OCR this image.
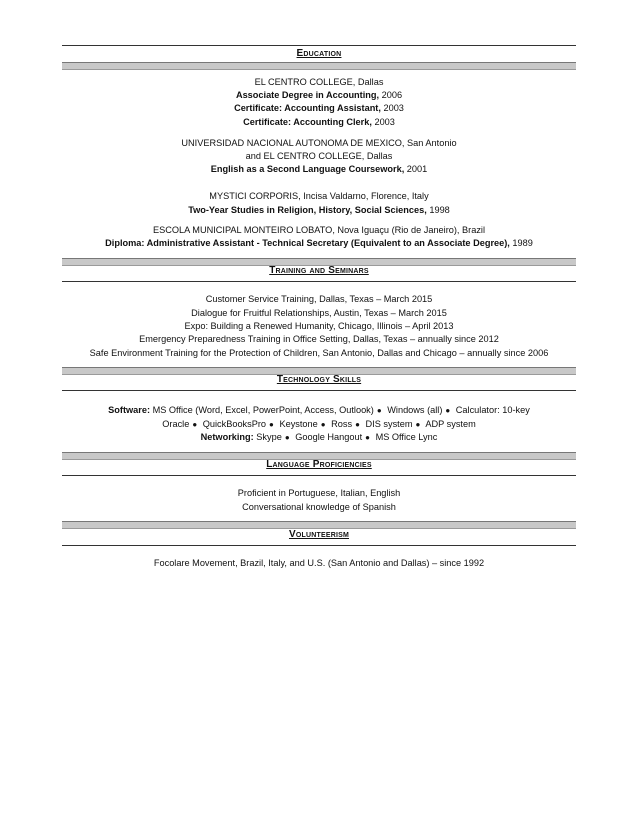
Education
EL CENTRO COLLEGE, Dallas
Associate Degree in Accounting, 2006
Certificate: Accounting Assistant, 2003
Certificate: Accounting Clerk, 2003
UNIVERSIDAD NACIONAL AUTONOMA DE MEXICO, San Antonio
and EL CENTRO COLLEGE, Dallas
English as a Second Language Coursework, 2001
MYSTICI CORPORIS, Incisa Valdarno, Florence, Italy
Two-Year Studies in Religion, History, Social Sciences, 1998
ESCOLA MUNICIPAL MONTEIRO LOBATO, Nova Iguaçu (Rio de Janeiro), Brazil
Diploma: Administrative Assistant - Technical Secretary (Equivalent to an Associate Degree), 1989
Training and Seminars
Customer Service Training, Dallas, Texas – March 2015
Dialogue for Fruitful Relationships, Austin, Texas – March 2015
Expo: Building a Renewed Humanity, Chicago, Illinois – April 2013
Emergency Preparedness Training in Office Setting, Dallas, Texas – annually since 2012
Safe Environment Training for the Protection of Children, San Antonio, Dallas and Chicago – annually since 2006
Technology Skills
Software: MS Office (Word, Excel, PowerPoint, Access, Outlook) ● Windows (all) ● Calculator: 10-key
Oracle ● QuickBooksPro ● Keystone ● Ross ● DIS system ● ADP system
Networking: Skype ● Google Hangout ● MS Office Lync
Language Proficiencies
Proficient in Portuguese, Italian, English
Conversational knowledge of Spanish
Volunteerism
Focolare Movement, Brazil, Italy, and U.S. (San Antonio and Dallas) – since 1992
